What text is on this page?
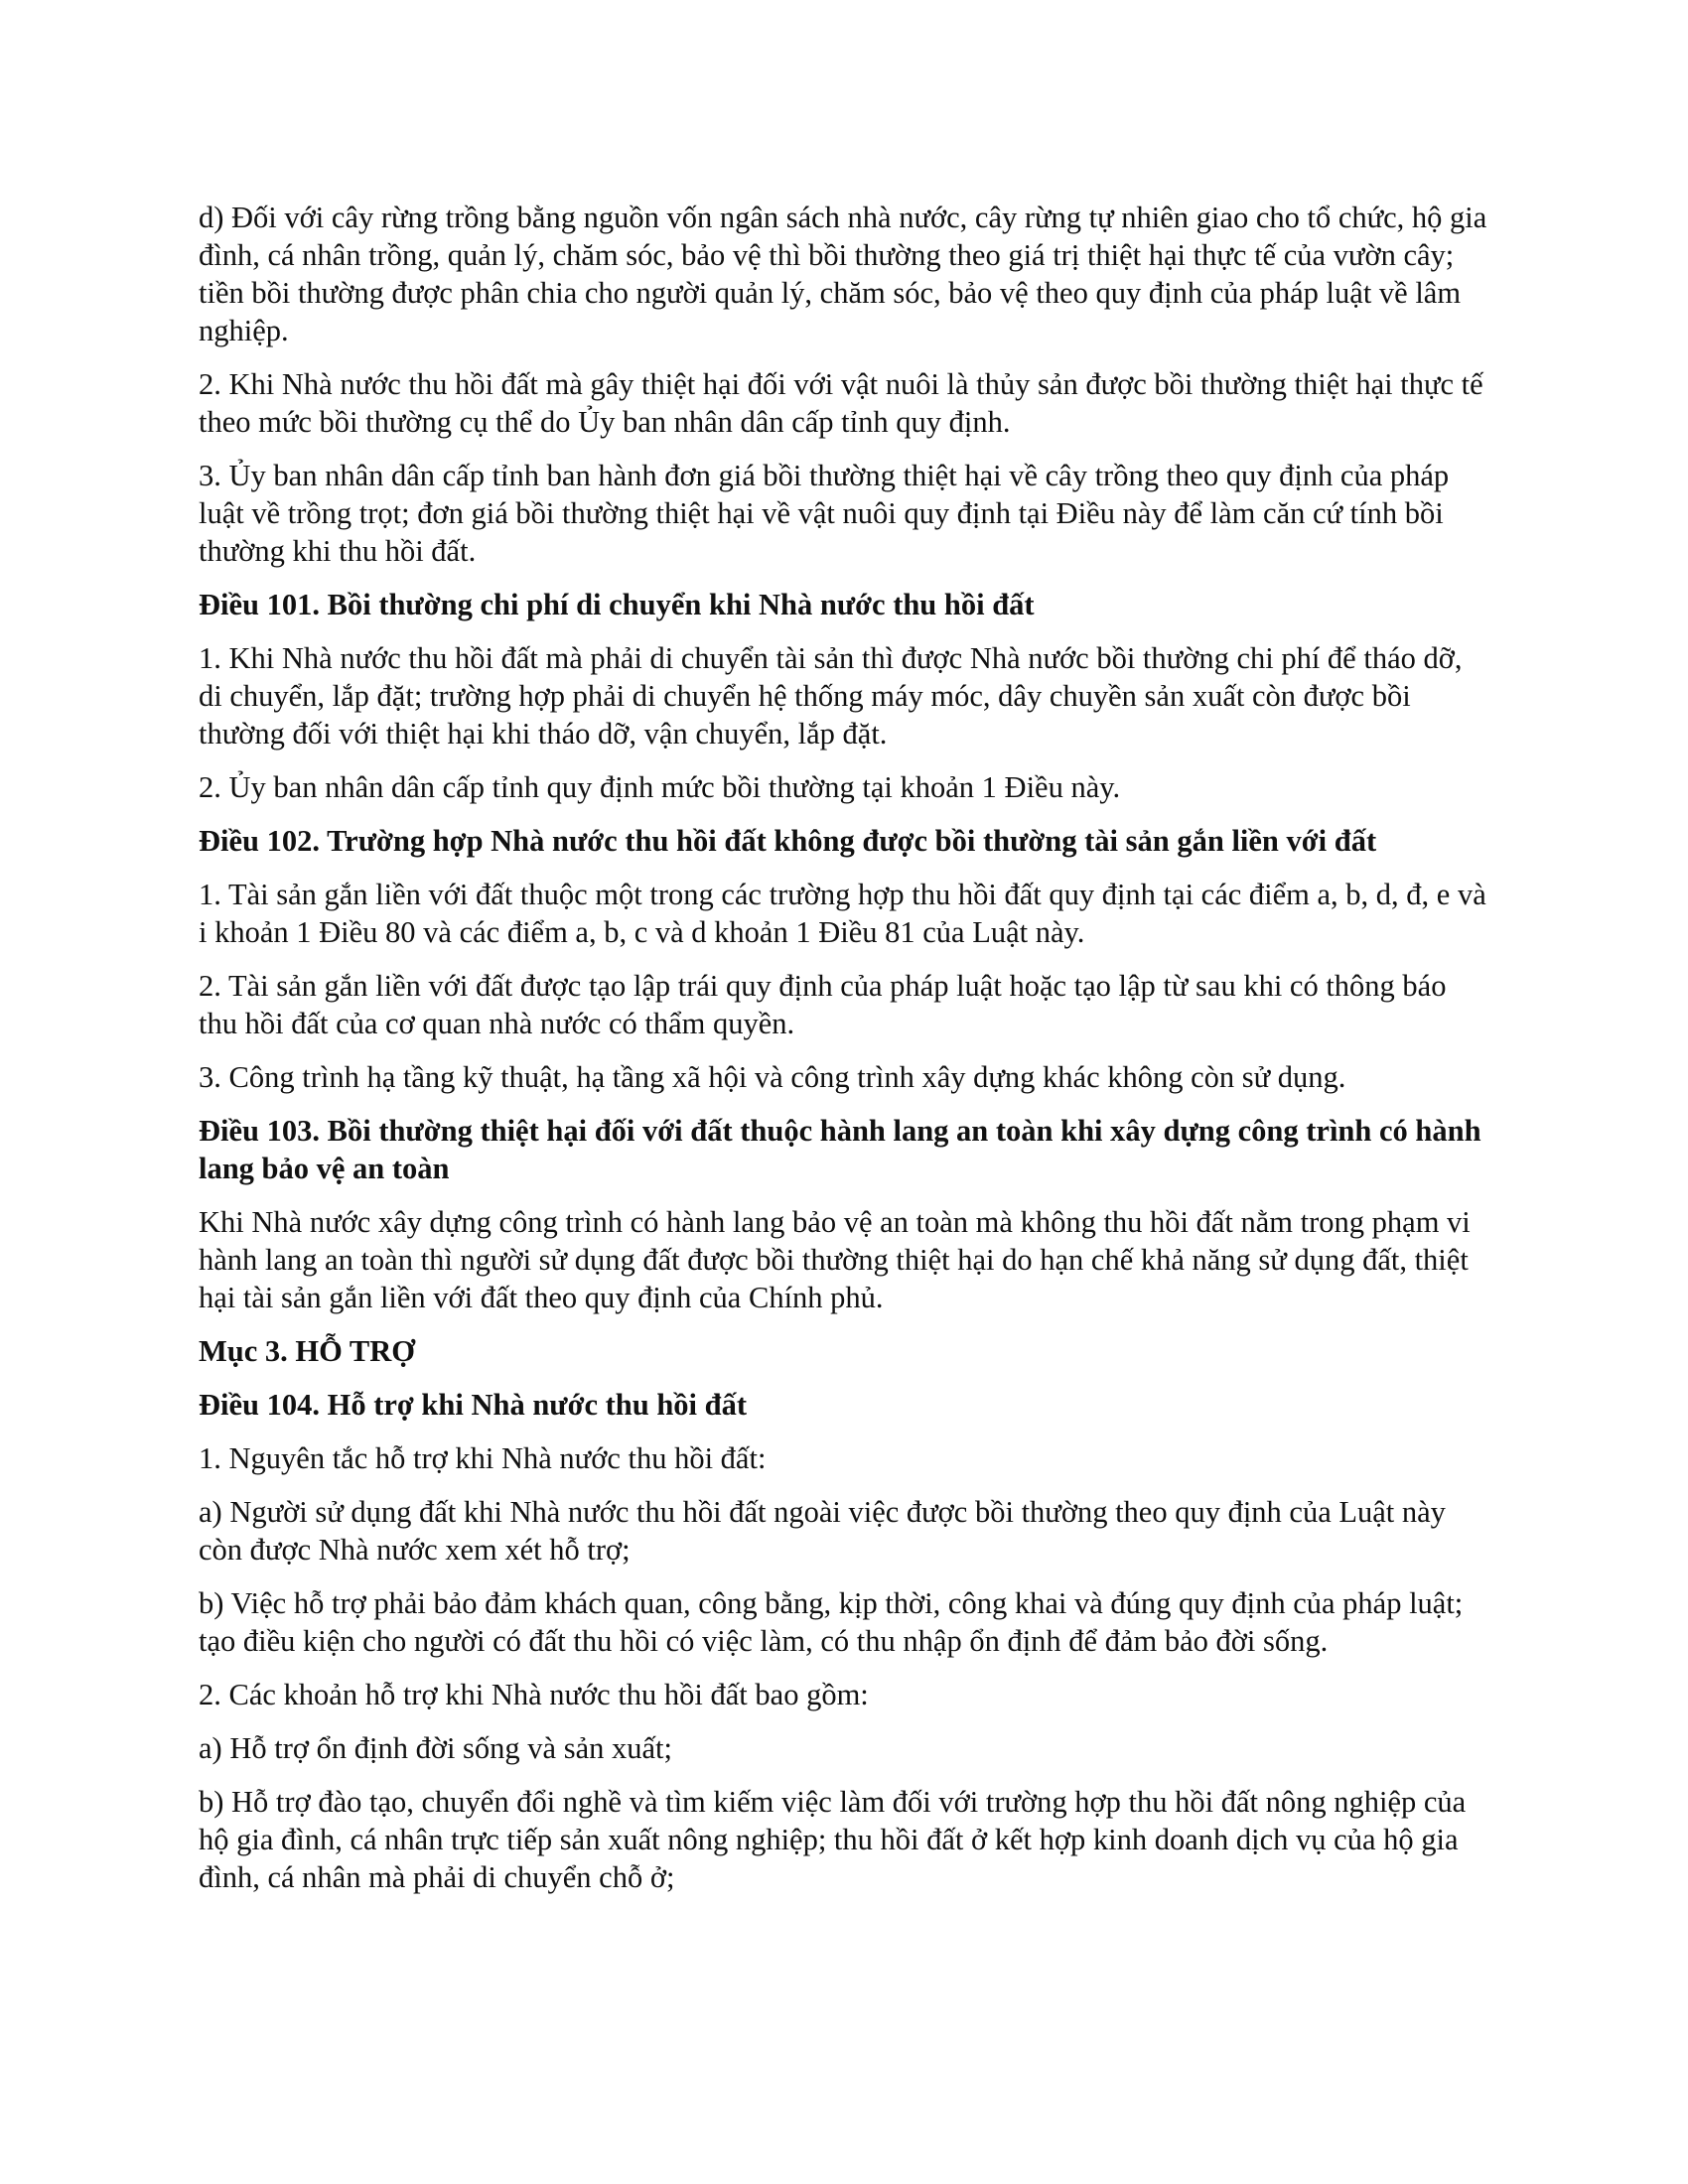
d) Đối với cây rừng trồng bằng nguồn vốn ngân sách nhà nước, cây rừng tự nhiên giao cho tổ chức, hộ gia đình, cá nhân trồng, quản lý, chăm sóc, bảo vệ thì bồi thường theo giá trị thiệt hại thực tế của vườn cây; tiền bồi thường được phân chia cho người quản lý, chăm sóc, bảo vệ theo quy định của pháp luật về lâm nghiệp.

2. Khi Nhà nước thu hồi đất mà gây thiệt hại đối với vật nuôi là thủy sản được bồi thường thiệt hại thực tế theo mức bồi thường cụ thể do Ủy ban nhân dân cấp tỉnh quy định.

3. Ủy ban nhân dân cấp tỉnh ban hành đơn giá bồi thường thiệt hại về cây trồng theo quy định của pháp luật về trồng trọt; đơn giá bồi thường thiệt hại về vật nuôi quy định tại Điều này để làm căn cứ tính bồi thường khi thu hồi đất.

Điều 101. Bồi thường chi phí di chuyển khi Nhà nước thu hồi đất

1. Khi Nhà nước thu hồi đất mà phải di chuyển tài sản thì được Nhà nước bồi thường chi phí để tháo dỡ, di chuyển, lắp đặt; trường hợp phải di chuyển hệ thống máy móc, dây chuyền sản xuất còn được bồi thường đối với thiệt hại khi tháo dỡ, vận chuyển, lắp đặt.

2. Ủy ban nhân dân cấp tỉnh quy định mức bồi thường tại khoản 1 Điều này.

Điều 102. Trường hợp Nhà nước thu hồi đất không được bồi thường tài sản gắn liền với đất

1. Tài sản gắn liền với đất thuộc một trong các trường hợp thu hồi đất quy định tại các điểm a, b, d, đ, e và i khoản 1 Điều 80 và các điểm a, b, c và d khoản 1 Điều 81 của Luật này.

2. Tài sản gắn liền với đất được tạo lập trái quy định của pháp luật hoặc tạo lập từ sau khi có thông báo thu hồi đất của cơ quan nhà nước có thẩm quyền.

3. Công trình hạ tầng kỹ thuật, hạ tầng xã hội và công trình xây dựng khác không còn sử dụng.

Điều 103. Bồi thường thiệt hại đối với đất thuộc hành lang an toàn khi xây dựng công trình có hành lang bảo vệ an toàn

Khi Nhà nước xây dựng công trình có hành lang bảo vệ an toàn mà không thu hồi đất nằm trong phạm vi hành lang an toàn thì người sử dụng đất được bồi thường thiệt hại do hạn chế khả năng sử dụng đất, thiệt hại tài sản gắn liền với đất theo quy định của Chính phủ.

Mục 3. HỖ TRỢ

Điều 104. Hỗ trợ khi Nhà nước thu hồi đất

1. Nguyên tắc hỗ trợ khi Nhà nước thu hồi đất:

a) Người sử dụng đất khi Nhà nước thu hồi đất ngoài việc được bồi thường theo quy định của Luật này còn được Nhà nước xem xét hỗ trợ;

b) Việc hỗ trợ phải bảo đảm khách quan, công bằng, kịp thời, công khai và đúng quy định của pháp luật; tạo điều kiện cho người có đất thu hồi có việc làm, có thu nhập ổn định để đảm bảo đời sống.

2. Các khoản hỗ trợ khi Nhà nước thu hồi đất bao gồm:

a) Hỗ trợ ổn định đời sống và sản xuất;

b) Hỗ trợ đào tạo, chuyển đổi nghề và tìm kiếm việc làm đối với trường hợp thu hồi đất nông nghiệp của hộ gia đình, cá nhân trực tiếp sản xuất nông nghiệp; thu hồi đất ở kết hợp kinh doanh dịch vụ của hộ gia đình, cá nhân mà phải di chuyển chỗ ở;
